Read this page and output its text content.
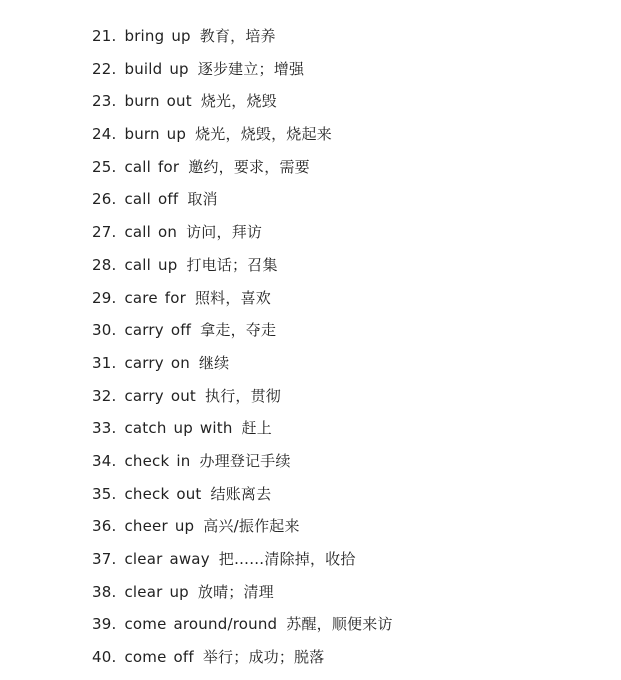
21. bring up 教育，培养
22. build up 逐步建立；增强
23. burn out 烧光，烧毁
24. burn up 烧光，烧毁，烧起来
25. call for 邀约，要求，需要
26. call off 取消
27. call on 访问，拜访
28. call up 打电话；召集
29. care for 照料，喜欢
30. carry off 拿走，夺走
31. carry on 继续
32. carry out 执行，贯彻
33. catch up with 赶上
34. check in 办理登记手续
35. check out 结账离去
36. cheer up 高兴/振作起来
37. clear away 把……清除掉，收拾
38. clear up 放晴；清理
39. come around/round 苏醒，顺便来访
40. come off 举行；成功；脱落
